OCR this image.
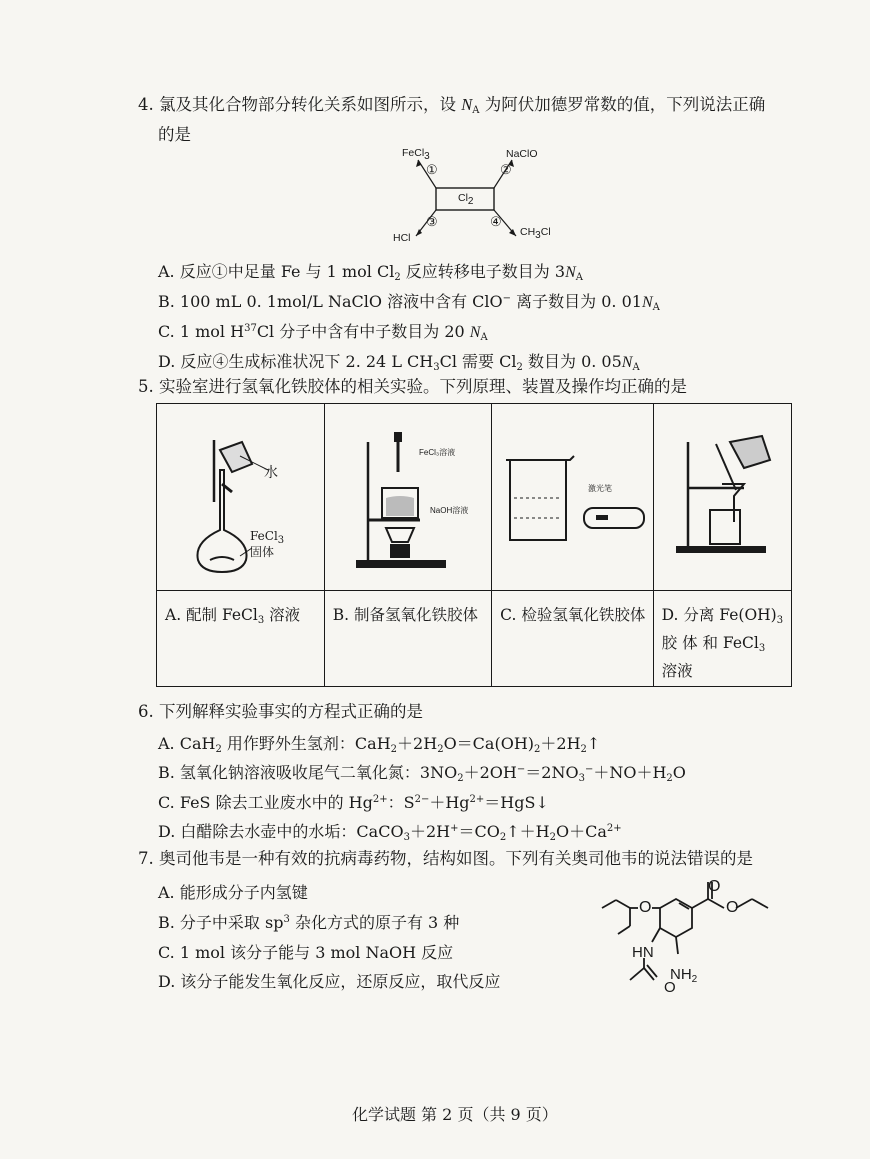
4. 氯及其化合物部分转化关系如图所示，设 $N_A$ 为阿伏加德罗常数的值，下列说法正确
的是
FeCl$_3$	NaClO
HCl	$CH_3Cl$
$Cl_2$
①	②
③	④
A. 反应①中足量 Fe 与 1 mol $Cl_2$ 反应转移电子数目为 $3N_A$
B. 100 mL 0. 1mol/L NaClO 溶液中含有 ClO− 离子数目为 0. $01N_A$
C. 1 mol $H^{37}Cl$ 分子中含有中子数目为 20 $N_A$
D. 反应④生成标准状况下 2. 24 L $CH_3Cl$ 需要 $Cl_2$ 数目为 0. $05N_A$
5. 实验室进行氢氧化铁胶体的相关实验。下列原理、装置及操作均正确的是

A. 配制 FeCl$_3$ 溶液	B. 制备氢氧化铁胶体	C. 检验氢氧化铁胶体	D. 分离 $Fe(OH)_3$
胶 体 和 FeCl$_3$
溶液
水
FeCl$_3$
固体
FeCl₃溶液
NaOH溶液
激光笔
6. 下列解释实验事实的方程式正确的是
A. CaH$_2$ 用作野外生氢剂：$CaH_2+2H_2O=Ca(OH)_2+2H_2↑$
B. 氢氧化钠溶液吸收尾气二氧化氮：$3NO_2+2OH^-=2NO_3^-+NO+H_2O$
C. FeS 除去工业废水中的 $Hg^{2+}$：$S^{2-}+Hg^{2+}=HgS↓$
D. 白醋除去水壶中的水垢：$CaCO_3+2H^+=CO_2↑+H_2O+Ca^{2+}$
7. 奥司他韦是一种有效的抗病毒药物，结构如图。下列有关奥司他韦的说法错误的是
A. 能形成分子内氢键
B. 分子中采取 $sp^3$ 杂化方式的原子有 3 种
C. 1 mol 该分子能与 3 mol NaOH 反应
D. 该分子能发生氧化反应，还原反应，取代反应
O
O	O
HN
O
$NH_2$
化学试题 第 2 页（共 9 页）
